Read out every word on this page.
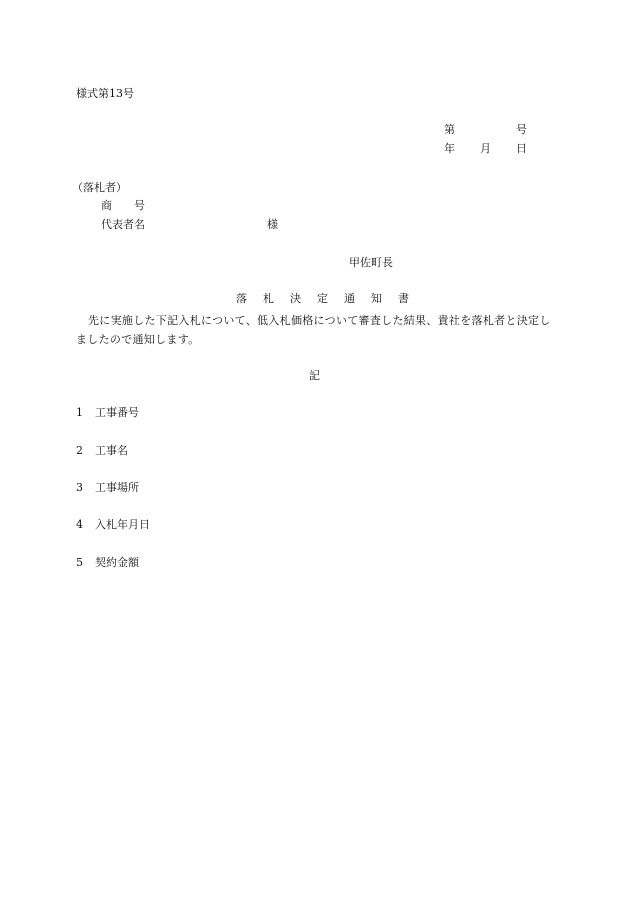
様式第13号
第	号
年 月 日
（落札者）
商　　号
代表者名	様
甲佐町長
落	札	決	定	通	知	書
先に実施した下記入札について、低入札価格について審査した結果、貴社を落札者と決定しましたので通知します。
記
1 工事番号
2 工事名
3 工事場所
4 入札年月日
5 契約金額
